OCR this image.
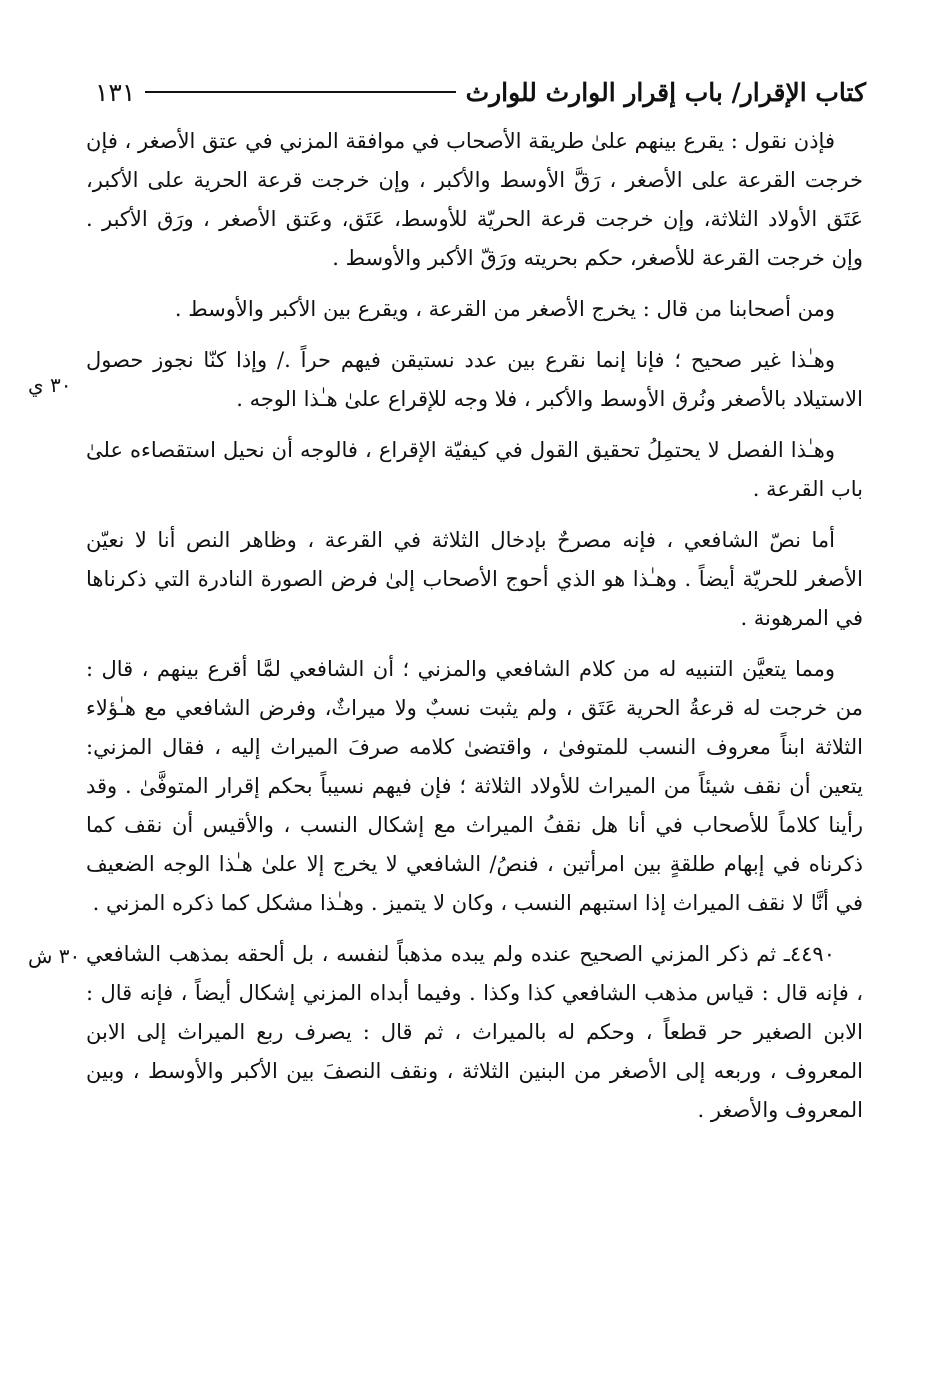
كتاب الإقرار/ باب إقرار الوارث للوارث
١٣١
٣٠ ي
٣٠ ش

فإذن نقول : يقرع بينهم علىٰ طريقة الأصحاب في موافقة المزني في عتق الأصغر ، فإن خرجت القرعة على الأصغر ، رَقَّ الأوسط والأكبر ، وإن خرجت قرعة الحرية على الأكبر، عَتَق الأولاد الثلاثة، وإن خرجت قرعة الحريّة للأوسط، عَتَق، وعَتق الأصغر ، ورَق الأكبر . وإن خرجت القرعة للأصغر، حكم بحريته ورَقّ الأكبر والأوسط .

ومن أصحابنا من قال : يخرج الأصغر من القرعة ، ويقرع بين الأكبر والأوسط .

وهـٰذا غير صحيح ؛ فإنا إنما نقرع بين عدد نستيقن فيهم حراً ./ وإذا كنّا نجوز حصول الاستيلاد بالأصغر ونُرق الأوسط والأكبر ، فلا وجه للإقراع علىٰ هـٰذا الوجه .

وهـٰذا الفصل لا يحتمِلُ تحقيق القول في كيفيّة الإقراع ، فالوجه أن نحيل استقصاءه علىٰ باب القرعة .

أما نصّ الشافعي ، فإنه مصرحٌ بإدخال الثلاثة في القرعة ، وظاهر النص أنا لا نعيّن الأصغر للحريّة أيضاً . وهـٰذا هو الذي أحوج الأصحاب إلىٰ فرض الصورة النادرة التي ذكرناها في المرهونة .

ومما يتعيَّن التنبيه له من كلام الشافعي والمزني ؛ أن الشافعي لمَّا أقرع بينهم ، قال : من خرجت له قرعةُ الحرية عَتَق ، ولم يثبت نسبٌ ولا ميراثٌ، وفرض الشافعي مع هـٰؤلاء الثلاثة ابناً معروف النسب للمتوفىٰ ، واقتضىٰ كلامه صرفَ الميراث إليه ، فقال المزني: يتعين أن نقف شيئاً من الميراث للأولاد الثلاثة ؛ فإن فيهم نسيباً بحكم إقرار المتوفَّىٰ . وقد رأينا كلاماً للأصحاب في أنا هل نقفُ الميراث مع إشكال النسب ، والأقيس أن نقف كما ذكرناه في إبهام طلقةٍ بين امرأتين ، فنصُ/ الشافعي لا يخرج إلا علىٰ هـٰذا الوجه الضعيف في أنَّا لا نقف الميراث إذا استبهم النسب ، وكان لا يتميز . وهـٰذا مشكل كما ذكره المزني .

٤٤٩٠ـ ثم ذكر المزني الصحيح عنده ولم يبده مذهباً لنفسه ، بل ألحقه بمذهب الشافعي ، فإنه قال : قياس مذهب الشافعي كذا وكذا . وفيما أبداه المزني إشكال أيضاً ، فإنه قال : الابن الصغير حر قطعاً ، وحكم له بالميراث ، ثم قال : يصرف ربع الميراث إلى الابن المعروف ، وربعه إلى الأصغر من البنين الثلاثة ، ونقف النصفَ بين الأكبر والأوسط ، وبين المعروف والأصغر .
